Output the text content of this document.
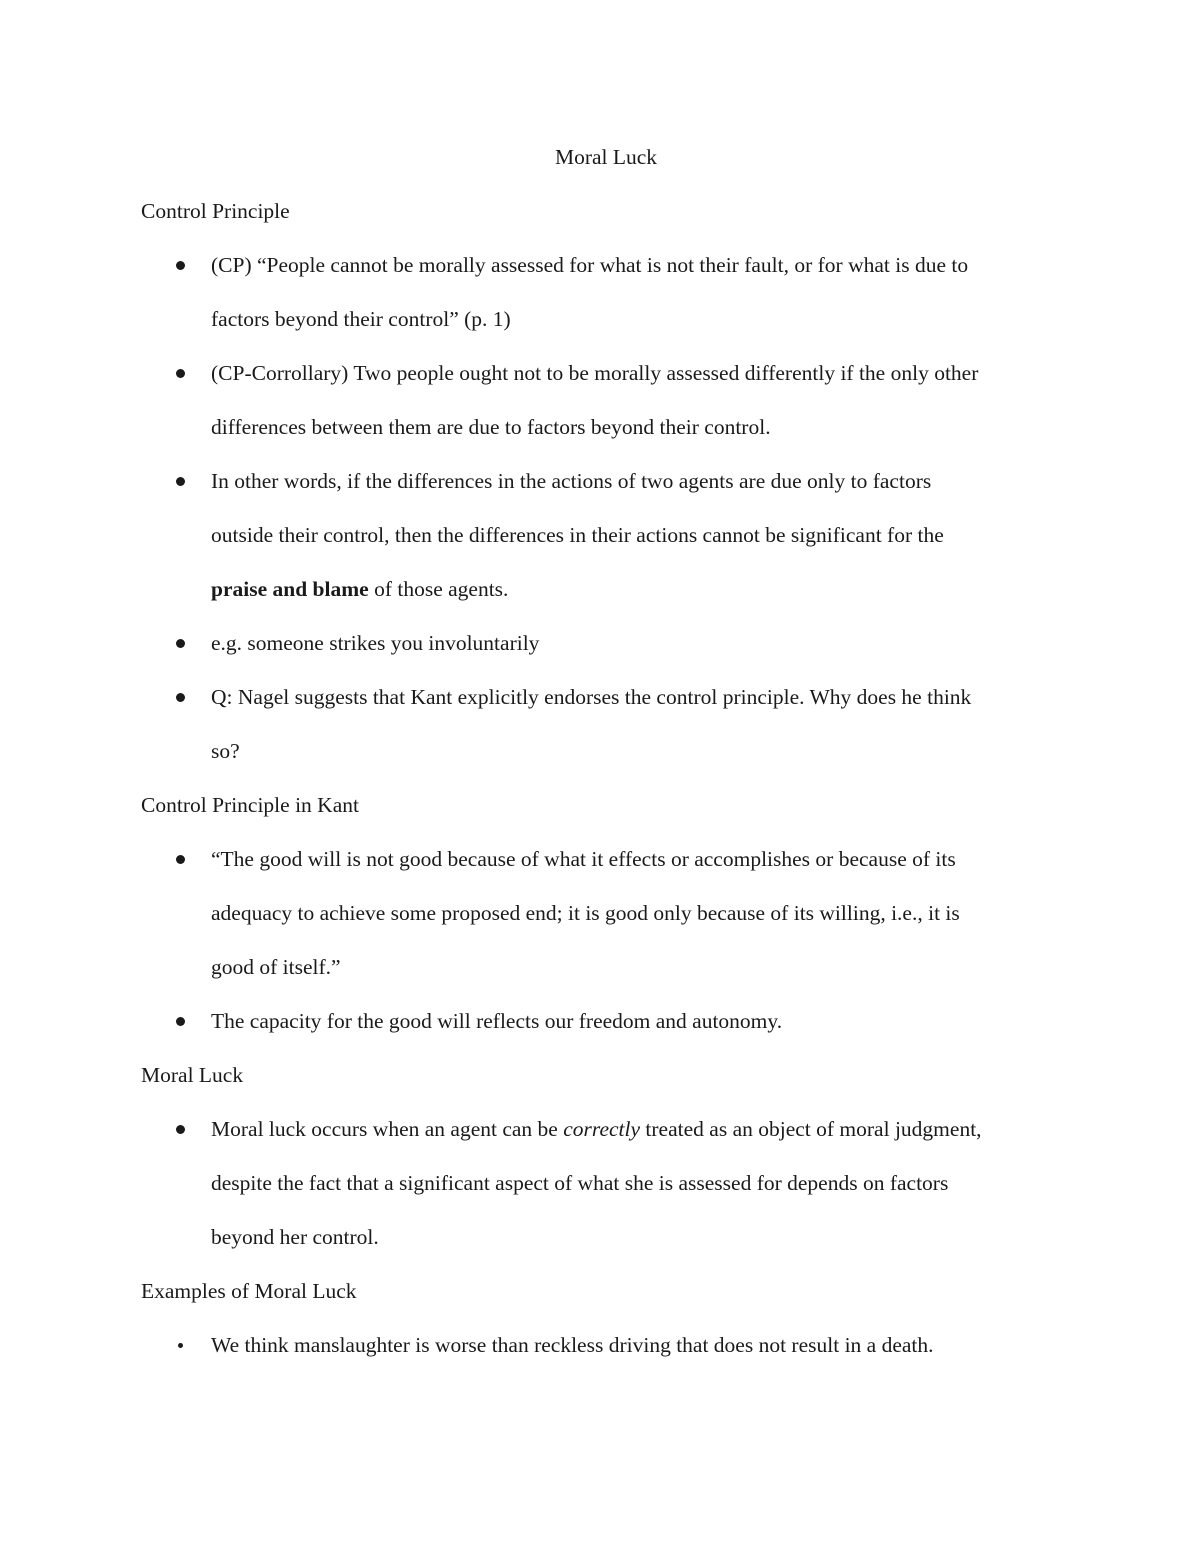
Moral Luck
Control Principle
(CP) “People cannot be morally assessed for what is not their fault, or for what is due to
factors beyond their control” (p. 1)
(CP-Corrollary) Two people ought not to be morally assessed differently if the only other
differences between them are due to factors beyond their control.
In other words, if the differences in the actions of two agents are due only to factors
outside their control, then the differences in their actions cannot be significant for the
praise and blame of those agents.
e.g. someone strikes you involuntarily
Q: Nagel suggests that Kant explicitly endorses the control principle. Why does he think
so?
Control Principle in Kant
“The good will is not good because of what it effects or accomplishes or because of its
adequacy to achieve some proposed end; it is good only because of its willing, i.e., it is
good of itself.”
The capacity for the good will reflects our freedom and autonomy.
Moral Luck
Moral luck occurs when an agent can be correctly treated as an object of moral judgment,
despite the fact that a significant aspect of what she is assessed for depends on factors
beyond her control.
Examples of Moral Luck
We think manslaughter is worse than reckless driving that does not result in a death.
